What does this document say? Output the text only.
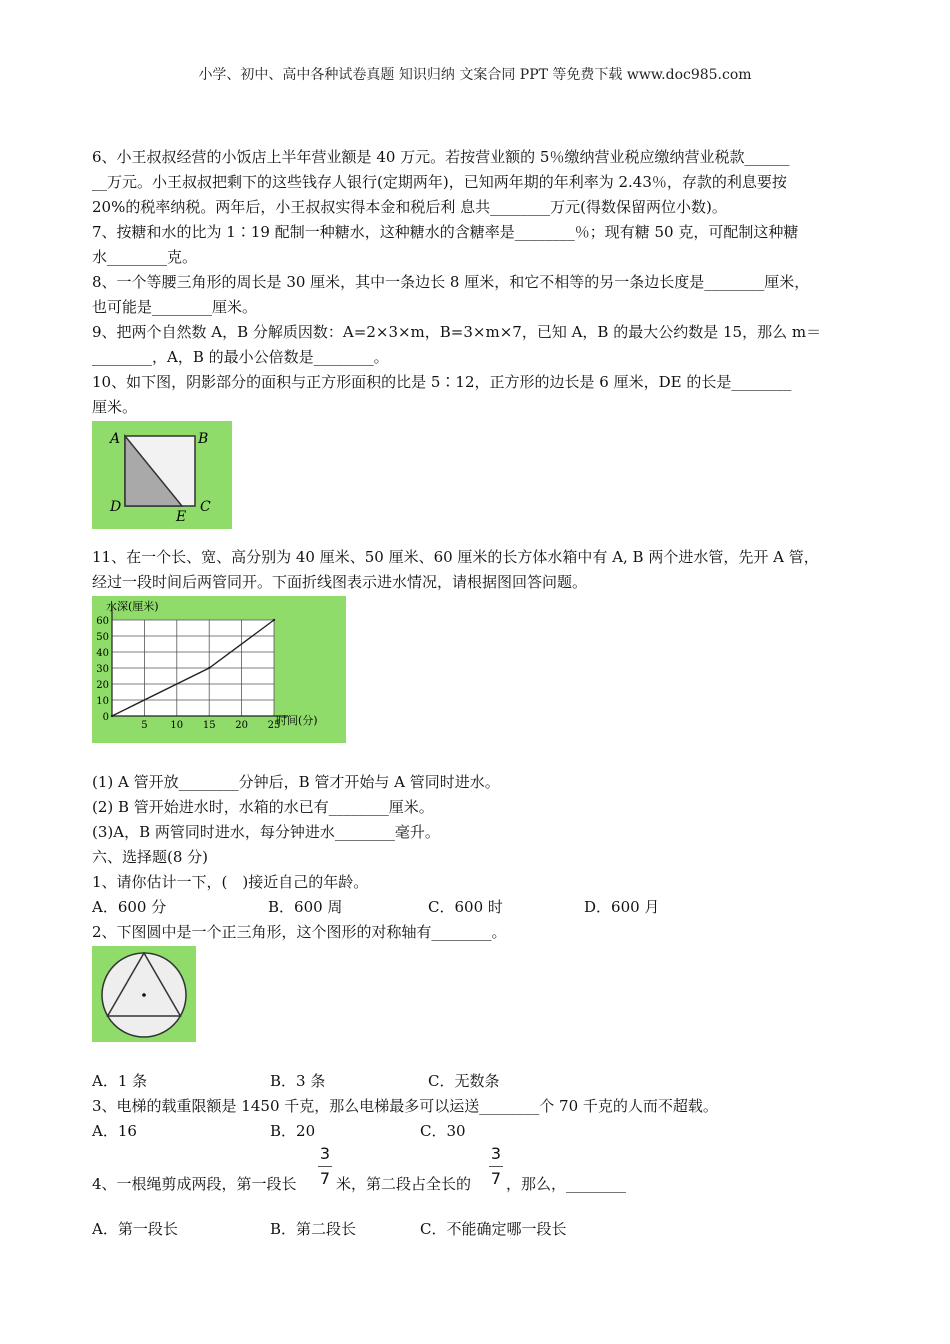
小学、初中、高中各种试卷真题 知识归纳 文案合同 PPT 等免费下载 www.doc985.com
6、小王叔叔经营的小饭店上半年营业额是 40 万元。若按营业额的 5％缴纳营业税应缴纳营业税款______
__万元。小王叔叔把剩下的这些钱存人银行(定期两年)，已知两年期的年利率为 2.43％，存款的利息要按
20%的税率纳税。两年后，小王叔叔实得本金和税后利 息共________万元(得数保留两位小数)。
7、按糖和水的比为 1∶19 配制一种糖水，这种糖水的含糖率是________％；现有糖 50 克，可配制这种糖
水________克。
8、一个等腰三角形的周长是 30 厘米，其中一条边长 8 厘米，和它不相等的另一条边长度是________厘米，
也可能是________厘米。
9、把两个自然数 A，B 分解质因数：A=2×3×m，B=3×m×7，已知 A，B 的最大公约数是 15，那么 m＝
________，A，B 的最小公倍数是________。
10、如下图，阴影部分的面积与正方形面积的比是 5∶12，正方形的边长是 6 厘米，DE 的长是________
厘米。
A	B
C
D
E
11、在一个长、宽、高分别为 40 厘米、50 厘米、60 厘米的长方体水箱中有 A, B 两个进水管，先开 A 管，
经过一段时间后两管同开。下面折线图表示进水情况，请根据图回答问题。
水深(厘米)
时间(分)
0
10
20
30
40
50
60
5 10 15 20 25
(1) A 管开放________分钟后，B 管才开始与 A 管同时进水。
(2) B 管开始进水时，水箱的水已有________厘米。
(3)A，B 两管同时进水，每分钟进水________毫升。
六、选择题(8 分)
1、请你估计一下，(　)接近自己的年龄。
A．600 分	B．600 周	C．600 时	D．600 月
2、下图圆中是一个正三角形，这个图形的对称轴有________。
A．1 条	B．3 条	C．无数条
3、电梯的载重限额是 1450 千克，那么电梯最多可以运送________个 70 千克的人而不超载。
A．16	B．20	C．30
4、一根绳剪成两段，第一段长
3
7 米，第二段占全长的
3
7 ，那么，________
A．第一段长	B．第二段长	C．不能确定哪一段长
